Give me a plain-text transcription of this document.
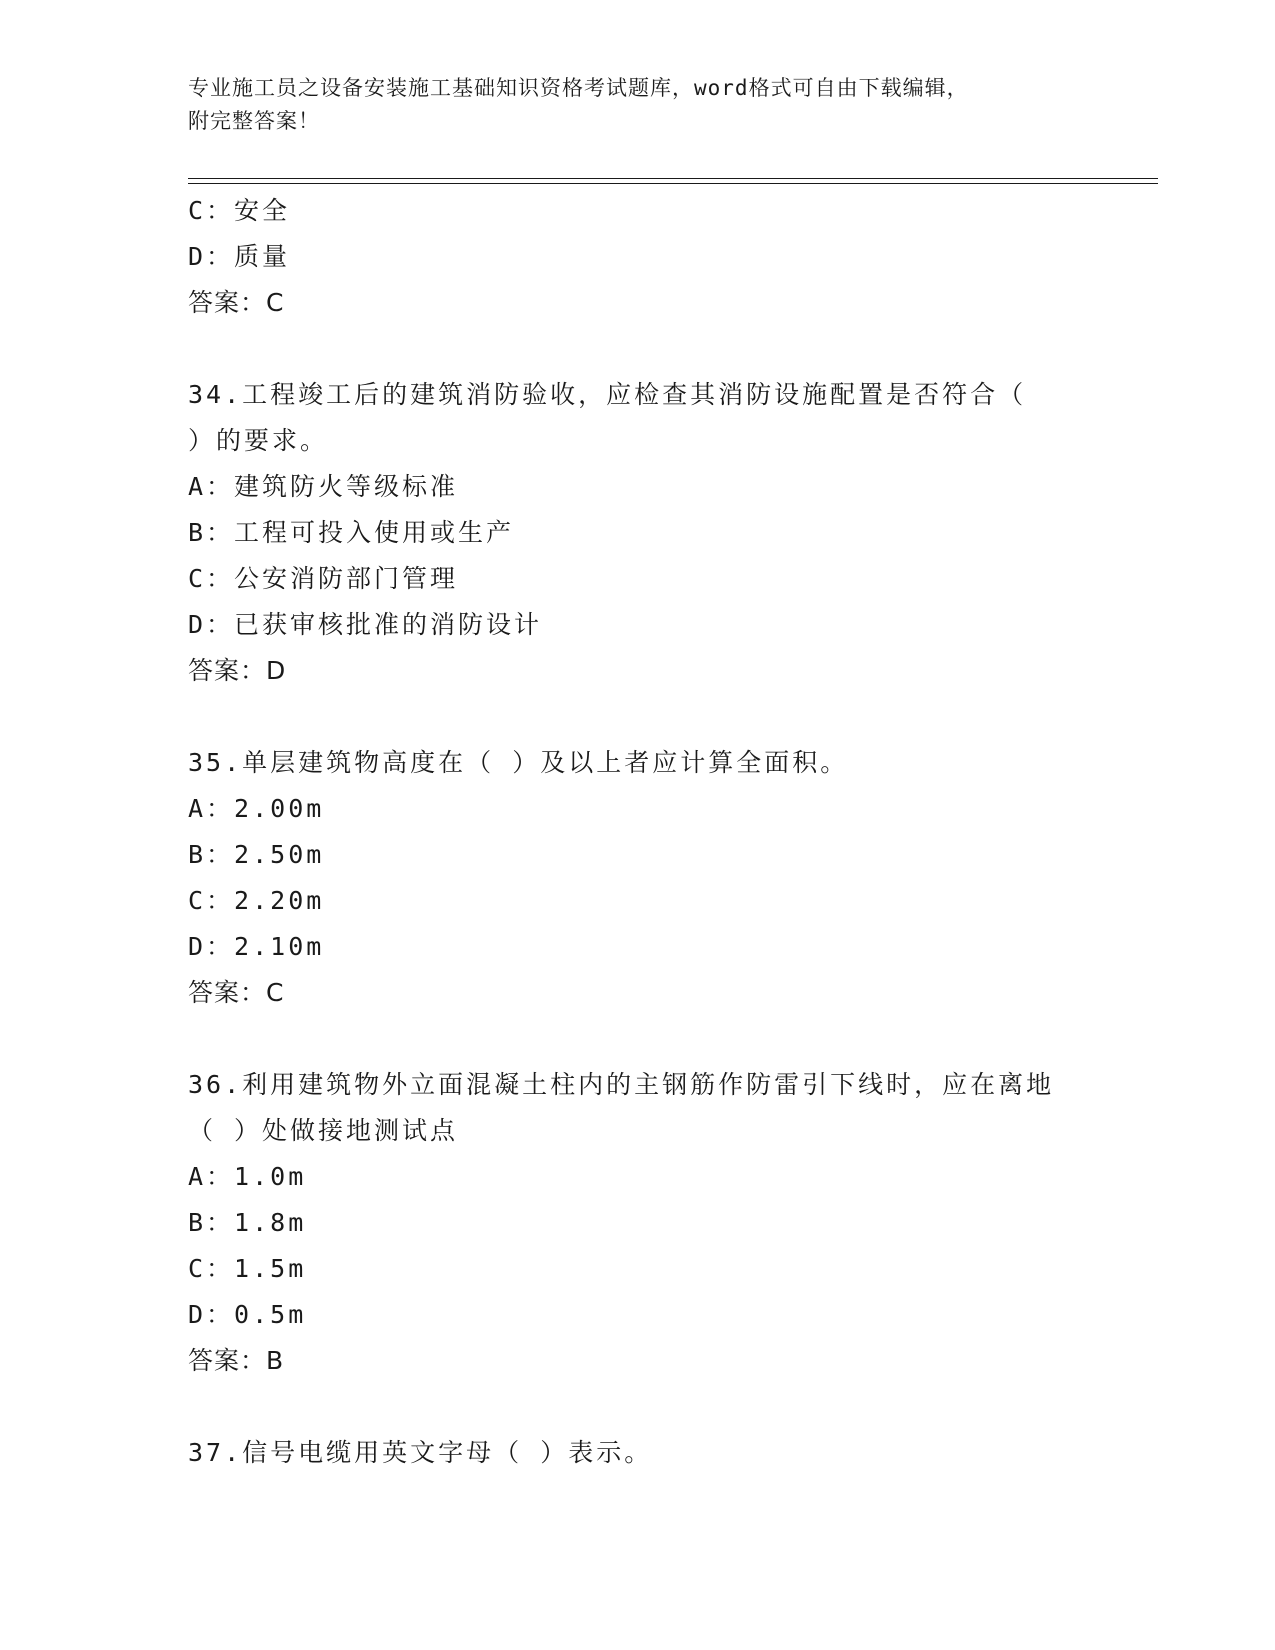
专业施工员之设备安装施工基础知识资格考试题库，word格式可自由下载编辑，
附完整答案！
C：安全
D：质量
答案：C
34.工程竣工后的建筑消防验收，应检查其消防设施配置是否符合（
）的要求。
A：建筑防火等级标准
B：工程可投入使用或生产
C：公安消防部门管理
D：已获审核批准的消防设计
答案：D
35.单层建筑物高度在（ ）及以上者应计算全面积。
A：2.00m
B：2.50m
C：2.20m
D：2.10m
答案：C
36.利用建筑物外立面混凝土柱内的主钢筋作防雷引下线时，应在离地
（ ）处做接地测试点
A：1.0m
B：1.8m
C：1.5m
D：0.5m
答案：B
37.信号电缆用英文字母（ ）表示。
